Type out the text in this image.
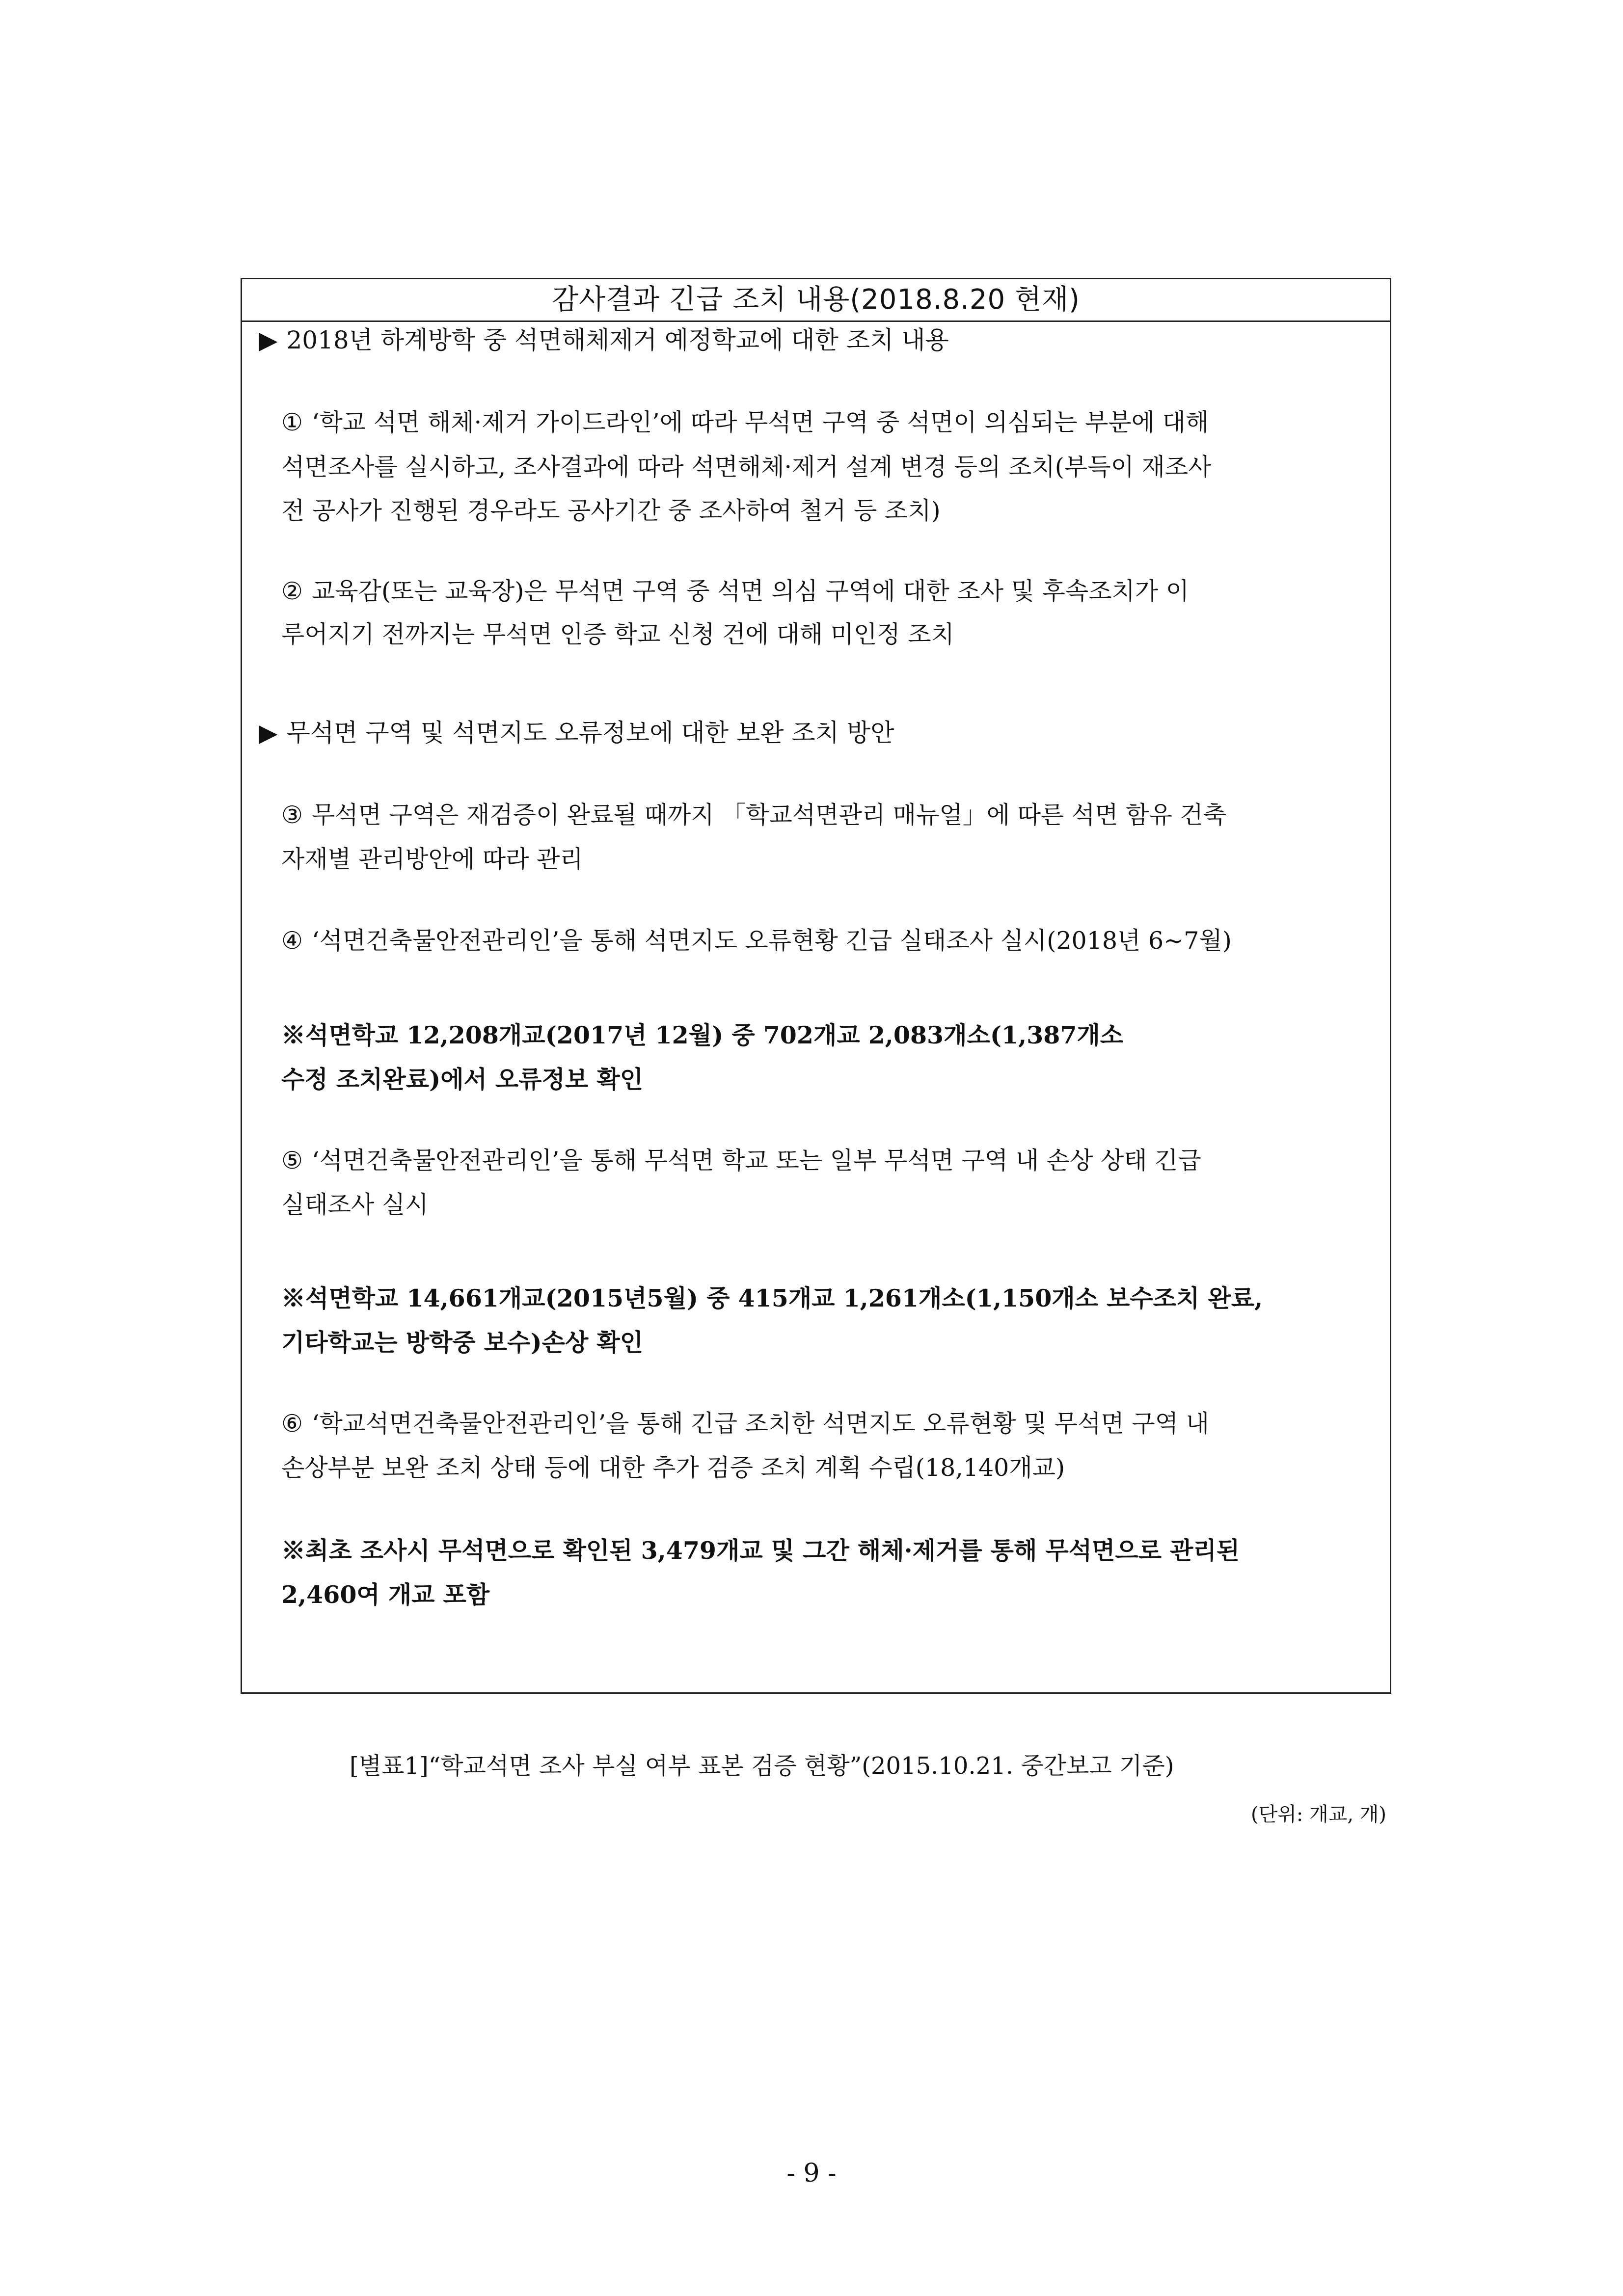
감사결과 긴급 조치 내용(2018.8.20 현재)
▶ 2018년 하계방학 중 석면해체제거 예정학교에 대한 조치 내용
① ‘학교 석면 해체·제거 가이드라인’에 따라 무석면 구역 중 석면이 의심되는 부분에 대해
석면조사를 실시하고, 조사결과에 따라 석면해체·제거 설계 변경 등의 조치(부득이 재조사
전 공사가 진행된 경우라도 공사기간 중 조사하여 철거 등 조치)
② 교육감(또는 교육장)은 무석면 구역 중 석면 의심 구역에 대한 조사 및 후속조치가 이
루어지기 전까지는 무석면 인증 학교 신청 건에 대해 미인정 조치
▶ 무석면 구역 및 석면지도 오류정보에 대한 보완 조치 방안
③ 무석면 구역은 재검증이 완료될 때까지 「학교석면관리 매뉴얼」에 따른 석면 함유 건축
자재별 관리방안에 따라 관리
④ ‘석면건축물안전관리인’을 통해 석면지도 오류현황 긴급 실태조사 실시(2018년 6~7월)
※석면학교 12,208개교(2017년 12월) 중 702개교 2,083개소(1,387개소
수정 조치완료)에서 오류정보 확인
⑤ ‘석면건축물안전관리인’을 통해 무석면 학교 또는 일부 무석면 구역 내 손상 상태 긴급
실태조사 실시
※석면학교 14,661개교(2015년5월) 중 415개교 1,261개소(1,150개소 보수조치 완료,
기타학교는 방학중 보수)손상 확인
⑥ ‘학교석면건축물안전관리인’을 통해 긴급 조치한 석면지도 오류현황 및 무석면 구역 내
손상부분 보완 조치 상태 등에 대한 추가 검증 조치 계획 수립(18,140개교)
※최초 조사시 무석면으로 확인된 3,479개교 및 그간 해체·제거를 통해 무석면으로 관리된
2,460여 개교 포함
[별표1]“학교석면 조사 부실 여부 표본 검증 현황”(2015.10.21. 중간보고 기준)
(단위: 개교, 개)
- 9 -
